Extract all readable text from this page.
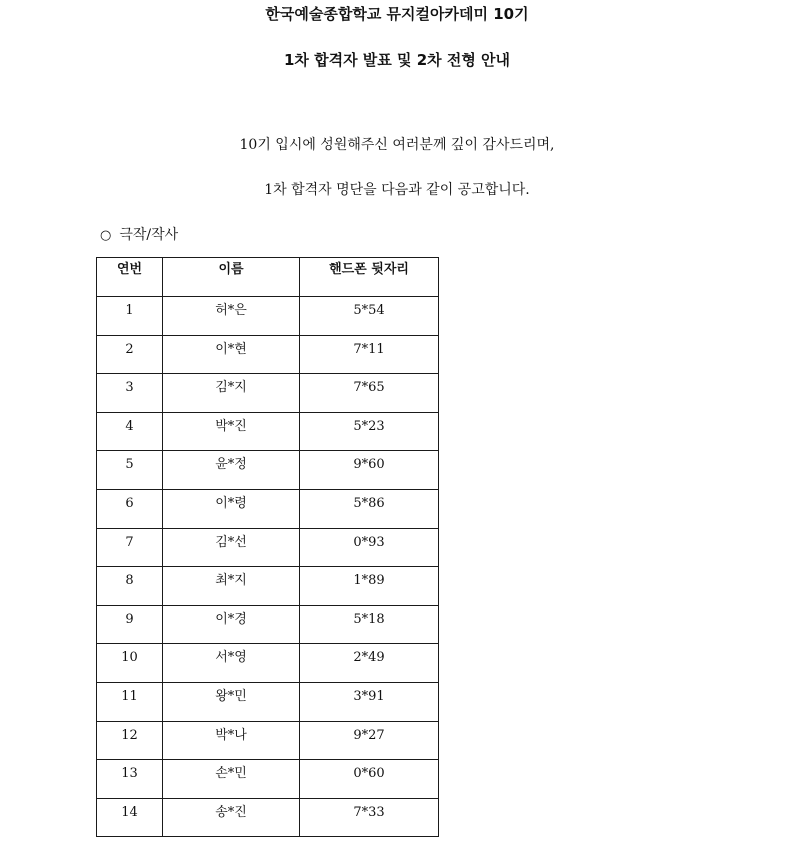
한국예술종합학교 뮤지컬아카데미 10기
1차 합격자 발표 및 2차 전형 안내

10기 입시에 성원해주신 여러분께 깊이 감사드리며,

1차 합격자 명단을 다음과 같이 공고합니다.

○ 극작/작사

연번	이름	핸드폰 뒷자리
1	허*은	5*54
2	이*현	7*11
3	김*지	7*65
4	박*진	5*23
5	윤*정	9*60
6	이*령	5*86
7	김*선	0*93
8	최*지	1*89
9	이*경	5*18
10	서*영	2*49
11	왕*민	3*91
12	박*나	9*27
13	손*민	0*60
14	송*진	7*33
